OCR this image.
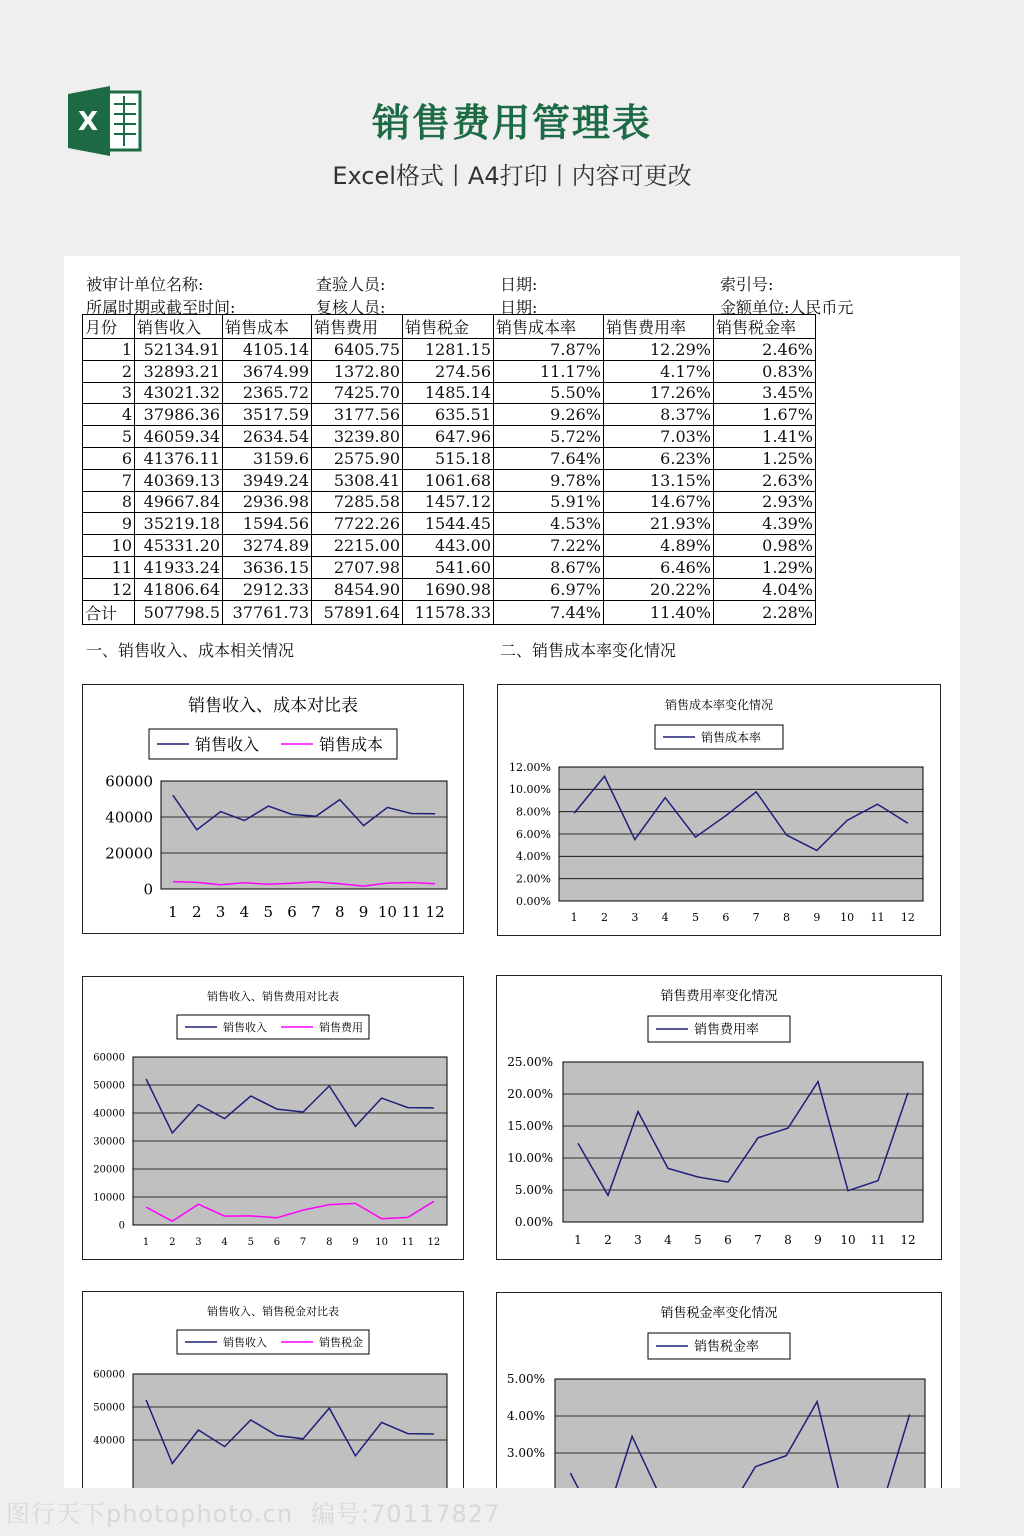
X	销售费用管理表
Excel格式丨A4打印丨内容可更改
被审计单位名称:
所属时期或截至时间:
查验人员:
复核人员:
日期:
日期:
索引号:
金额单位:人民币元
月份	销售收入	销售成本	销售费用	销售税金	销售成本率	销售费用率	销售税金率
1	52134.91	4105.14	6405.75	1281.15	7.87%	12.29%	2.46%
2	32893.21	3674.99	1372.80	274.56	11.17%	4.17%	0.83%
3	43021.32	2365.72	7425.70	1485.14	5.50%	17.26%	3.45%
4	37986.36	3517.59	3177.56	635.51	9.26%	8.37%	1.67%
5	46059.34	2634.54	3239.80	647.96	5.72%	7.03%	1.41%
6	41376.11	3159.6	2575.90	515.18	7.64%	6.23%	1.25%
7	40369.13	3949.24	5308.41	1061.68	9.78%	13.15%	2.63%
8	49667.84	2936.98	7285.58	1457.12	5.91%	14.67%	2.93%
9	35219.18	1594.56	7722.26	1544.45	4.53%	21.93%	4.39%
10	45331.20	3274.89	2215.00	443.00	7.22%	4.89%	0.98%
11	41933.24	3636.15	2707.98	541.60	8.67%	6.46%	1.29%
12	41806.64	2912.33	8454.90	1690.98	6.97%	20.22%	4.04%
合计	507798.5	37761.73	57891.64	11578.33	7.44%	11.40%	2.28%
一、销售收入、成本相关情况	二、销售成本率变化情况
销售收入、成本对比表
销售收入	销售成本
0
20000
40000
60000
1 2 3 4 5 6 7 8 9 10 11 12
销售成本率变化情况
销售成本率
0.00%
2.00%
4.00%
6.00%
8.00%
10.00%
12.00%
1 2 3 4 5 6 7 8 9 10 11 12
销售收入、销售费用对比表
销售收入	销售费用
0
10000
20000
30000
40000
50000
60000
1 2 3 4 5 6 7 8 9 10 11 12
销售费用率变化情况
销售费用率
0.00%
5.00%
10.00%
15.00%
20.00%
25.00%
1 2 3 4 5 6 7 8 9 10 11 12
销售收入、销售税金对比表
销售收入	销售税金
40000
50000
60000
销售税金率变化情况
销售税金率
3.00%
4.00%
5.00%
图行天下photophoto.cn 编号:70117827
